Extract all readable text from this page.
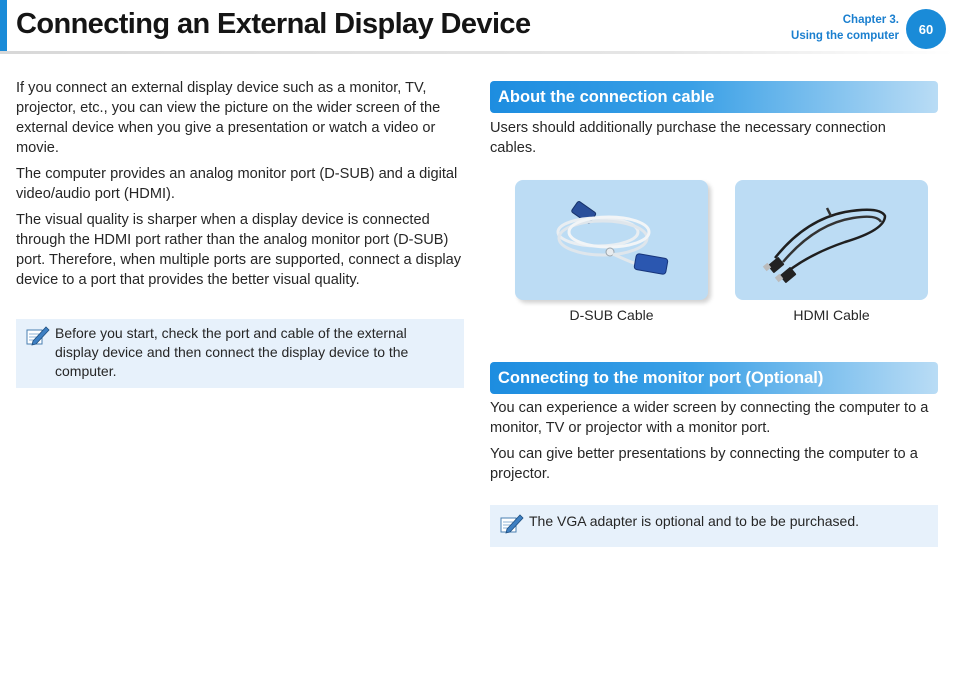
Connecting an External Display Device	Chapter 3.
Using the computer	60

If you connect an external display device such as a monitor, TV, projector, etc., you can view the picture on the wider screen of the external device when you give a presentation or watch a video or movie.

The computer provides an analog monitor port (D-SUB) and a digital video/audio port (HDMI).

The visual quality is sharper when a display device is connected through the HDMI port rather than the analog monitor port (D-SUB) port. Therefore, when multiple ports are supported, connect a display device to a port that provides the better visual quality.

Before you start, check the port and cable of the external display device and then connect the display device to the computer.
About the connection cable

Users should additionally purchase the necessary connection cables.

D-SUB Cable	HDMI Cable
Connecting to the monitor port (Optional)

You can experience a wider screen by connecting the computer to a monitor, TV or projector with a monitor port.

You can give better presentations by connecting the computer to a projector.

The VGA adapter is optional and to be be purchased.
